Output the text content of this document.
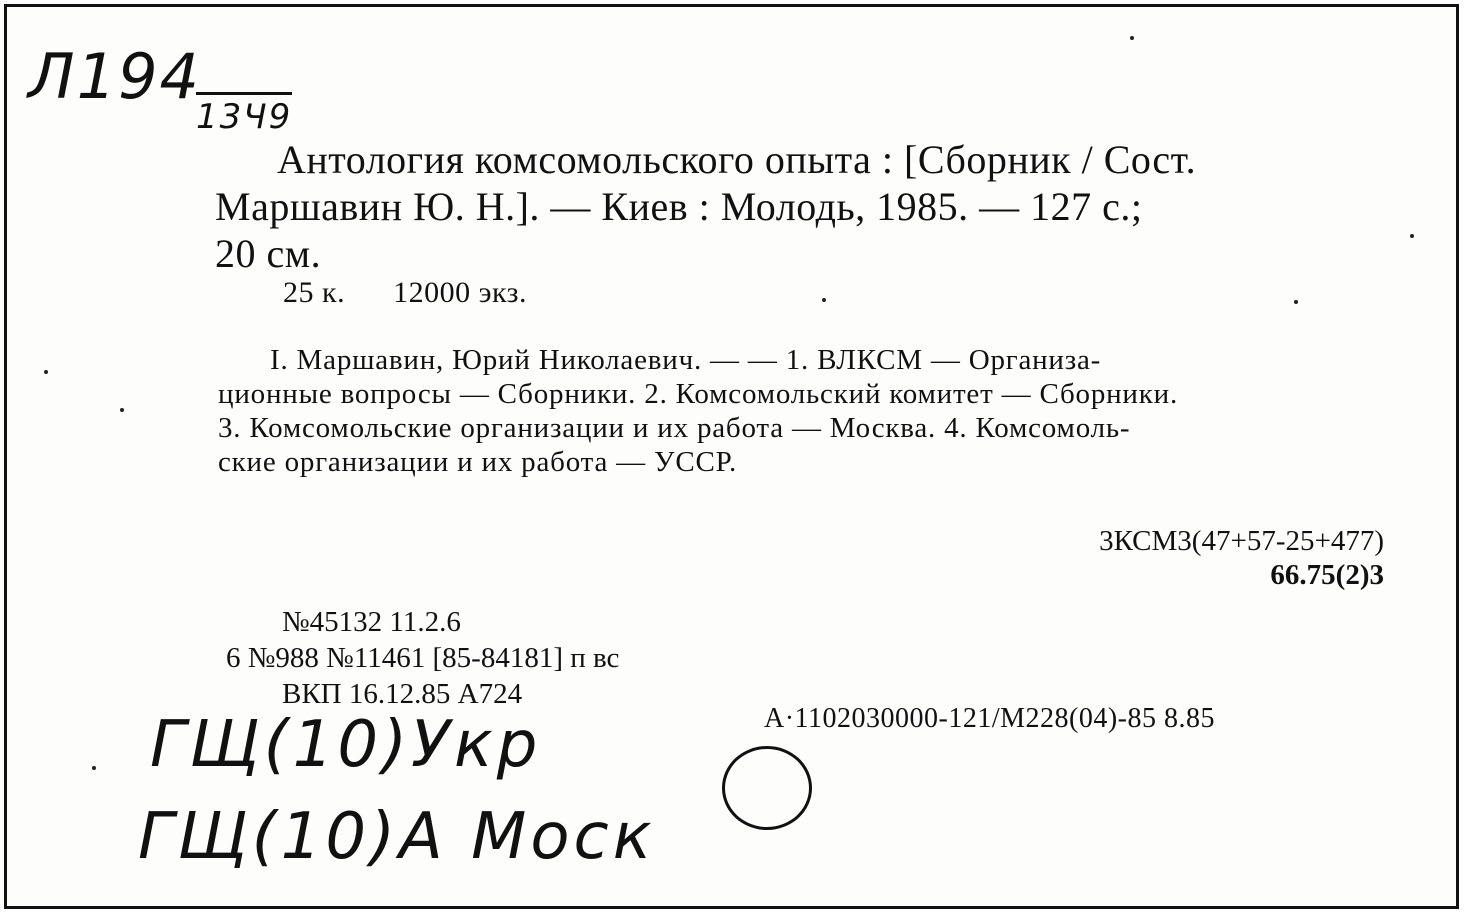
Л194
13Ч9
Антология комсомольского опыта : [Сборник / Сост.
Маршавин Ю. Н.]. — Киев : Молодь, 1985. — 127 с.;
20 см.
25 к. 12000 экз.
I. Маршавин, Юрий Николаевич. — — 1. ВЛКСМ — Организа-
ционные вопросы — Сборники. 2. Комсомольский комитет — Сборники.
3. Комсомольские организации и их работа — Москва. 4. Комсомоль-
ские организации и их работа — УССР.
3КСМ3(47+57-25+477)
66.75(2)3
№45132 11.2.6
6 №988 №11461 [85-84181] п вс
ВКП 16.12.85 А724
А·1102030000-121/М228(04)-85 8.85
ГЩ(10)Укр
ГЩ(10)А Моск
